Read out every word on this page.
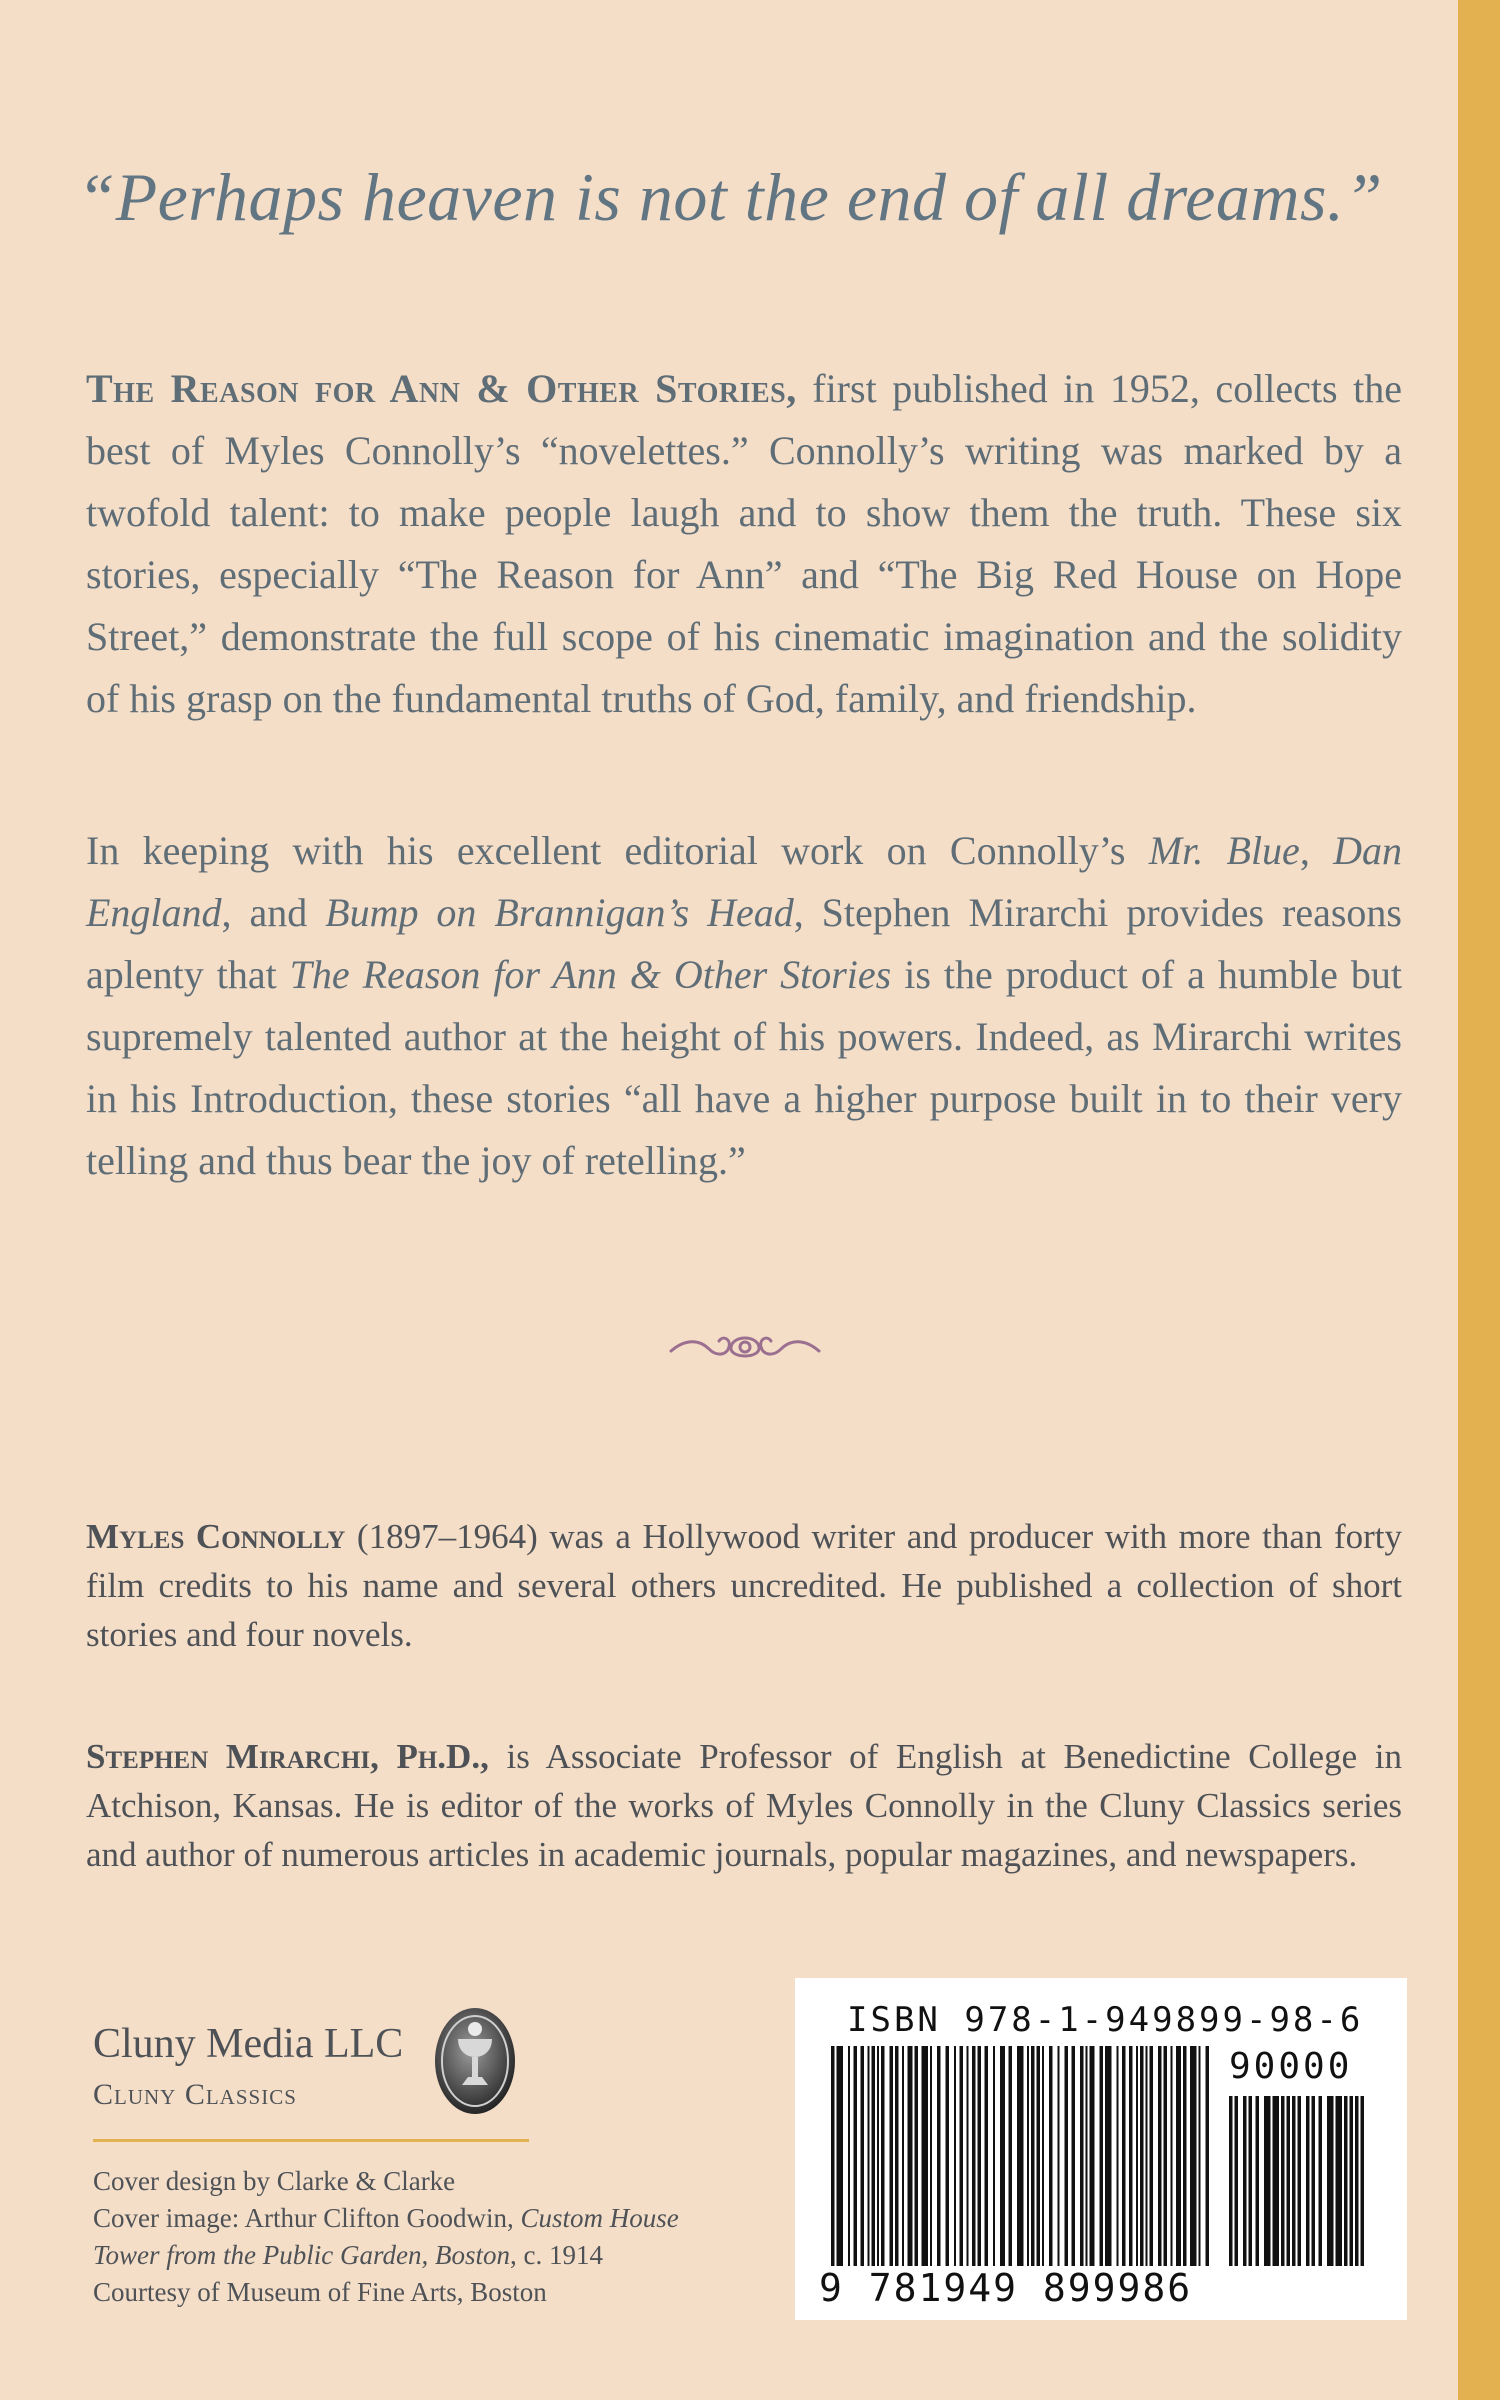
“Perhaps heaven is not the end of all dreams.”
The Reason for Ann & Other Stories, first published in 1952, collects the best of Myles Connolly’s “novelettes.” Connolly’s writing was marked by a twofold talent: to make people laugh and to show them the truth. These six stories, especially “The Reason for Ann” and “The Big Red House on Hope Street,” demonstrate the full scope of his cinematic imagination and the solidity of his grasp on the fundamental truths of God, family, and friendship.
In keeping with his excellent editorial work on Connolly’s Mr. Blue, Dan England, and Bump on Brannigan’s Head, Stephen Mirarchi provides reasons aplenty that The Reason for Ann & Other Stories is the product of a humble but supremely talented author at the height of his powers. Indeed, as Mirarchi writes in his Introduction, these stories “all have a higher purpose built in to their very telling and thus bear the joy of retelling.”
Myles Connolly (1897–1964) was a Hollywood writer and producer with more than forty film credits to his name and several others uncredited. He published a collection of short stories and four novels.
Stephen Mirarchi, Ph.D., is Associate Professor of English at Benedictine College in Atchison, Kansas. He is editor of the works of Myles Connolly in the Cluny Classics series and author of numerous articles in academic journals, popular magazines, and newspapers.
Cluny Media LLC
Cluny Classics
Cover design by Clarke & Clarke
Cover image: Arthur Clifton Goodwin, Custom House
Tower from the Public Garden, Boston, c. 1914
Courtesy of Museum of Fine Arts, Boston
ISBN 978-1-949899-98-6
90000
9 781949 899986
